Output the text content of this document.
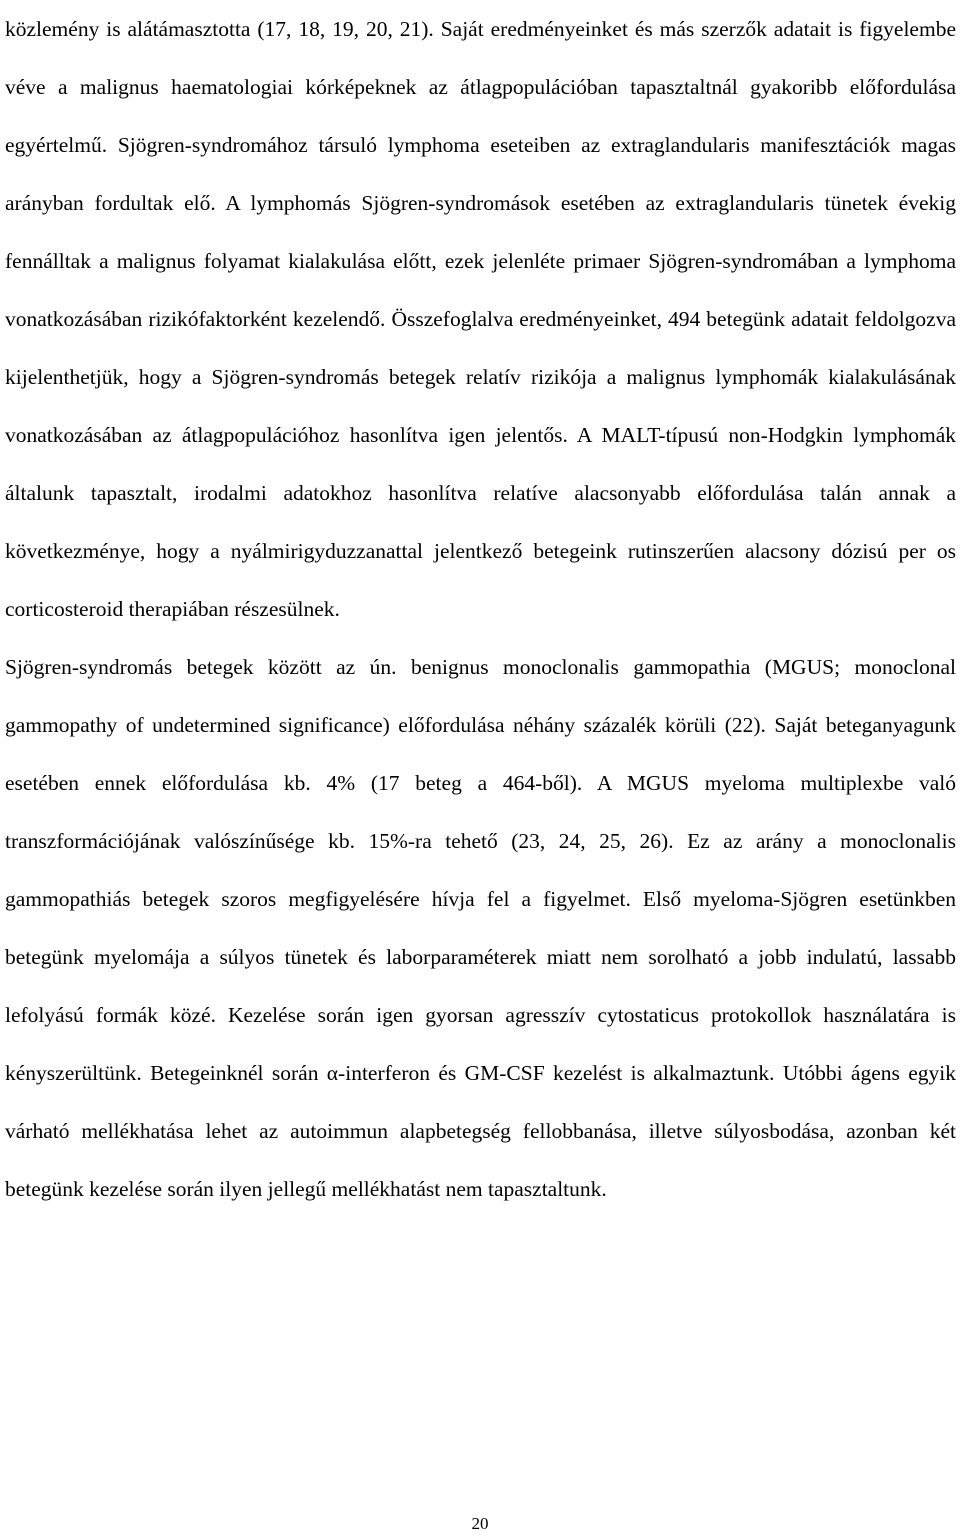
közlemény is alátámasztotta (17, 18, 19, 20, 21). Saját eredményeinket és más szerzők adatait is figyelembe véve a malignus haematologiai kórképeknek az átlagpopulációban tapasztaltnál gyakoribb előfordulása egyértelmű. Sjögren-syndromához társuló lymphoma eseteiben az extraglandularis manifesztációk magas arányban fordultak elő. A lymphomás Sjögren-syndromások esetében az extraglandularis tünetek évekig fennálltak a malignus folyamat kialakulása előtt, ezek jelenléte primaer Sjögren-syndromában a lymphoma vonatkozásában rizikófaktorként kezelendő. Összefoglalva eredményeinket, 494 betegünk adatait feldolgozva kijelenthetjük, hogy a Sjögren-syndromás betegek relatív rizikója a malignus lymphomák kialakulásának vonatkozásában az átlagpopulációhoz hasonlítva igen jelentős. A MALT-típusú non-Hodgkin lymphomák általunk tapasztalt, irodalmi adatokhoz hasonlítva relatíve alacsonyabb előfordulása talán annak a következménye, hogy a nyálmirigyduzzanattal jelentkező betegeink rutinszerűen alacsony dózisú per os corticosteroid therapiában részesülnek.

Sjögren-syndromás betegek között az ún. benignus monoclonalis gammopathia (MGUS; monoclonal gammopathy of undetermined significance) előfordulása néhány százalék körüli (22). Saját beteganyagunk esetében ennek előfordulása kb. 4% (17 beteg a 464-ből). A MGUS myeloma multiplexbe való transzformációjának valószínűsége kb. 15%-ra tehető (23, 24, 25, 26). Ez az arány a monoclonalis gammopathiás betegek szoros megfigyelésére hívja fel a figyelmet. Első myeloma-Sjögren esetünkben betegünk myelomája a súlyos tünetek és laborparaméterek miatt nem sorolható a jobb indulatú, lassabb lefolyású formák közé. Kezelése során igen gyorsan agresszív cytostaticus protokollok használatára is kényszerültünk. Betegeinknél során α-interferon és GM-CSF kezelést is alkalmaztunk. Utóbbi ágens egyik várható mellékhatása lehet az autoimmun alapbetegség fellobbanása, illetve súlyosbodása, azonban két betegünk kezelése során ilyen jellegű mellékhatást nem tapasztaltunk.

20
